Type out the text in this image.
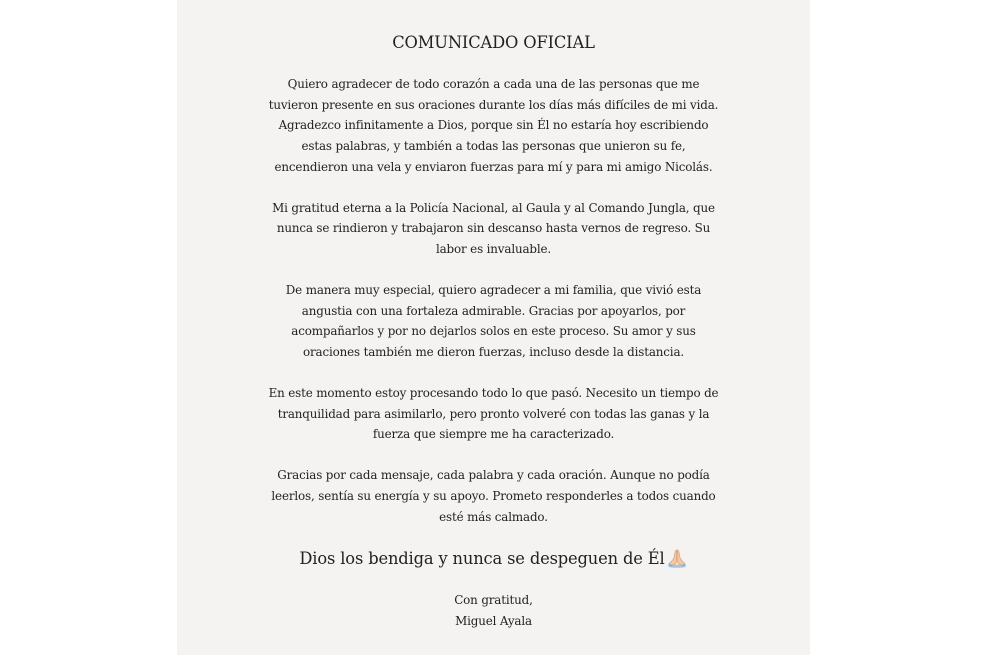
COMUNICADO OFICIAL

Quiero agradecer de todo corazón a cada una de las personas que me
tuvieron presente en sus oraciones durante los días más difíciles de mi vida.
Agradezco infinitamente a Dios, porque sin Él no estaría hoy escribiendo
estas palabras, y también a todas las personas que unieron su fe,
encendieron una vela y enviaron fuerzas para mí y para mi amigo Nicolás.

Mi gratitud eterna a la Policía Nacional, al Gaula y al Comando Jungla, que
nunca se rindieron y trabajaron sin descanso hasta vernos de regreso. Su
labor es invaluable.

De manera muy especial, quiero agradecer a mi familia, que vivió esta
angustia con una fortaleza admirable. Gracias por apoyarlos, por
acompañarlos y por no dejarlos solos en este proceso. Su amor y sus
oraciones también me dieron fuerzas, incluso desde la distancia.

En este momento estoy procesando todo lo que pasó. Necesito un tiempo de
tranquilidad para asimilarlo, pero pronto volveré con todas las ganas y la
fuerza que siempre me ha caracterizado.

Gracias por cada mensaje, cada palabra y cada oración. Aunque no podía
leerlos, sentía su energía y su apoyo. Prometo responderles a todos cuando
esté más calmado.

Dios los bendiga y nunca se despeguen de Él

Con gratitud,
Miguel Ayala
